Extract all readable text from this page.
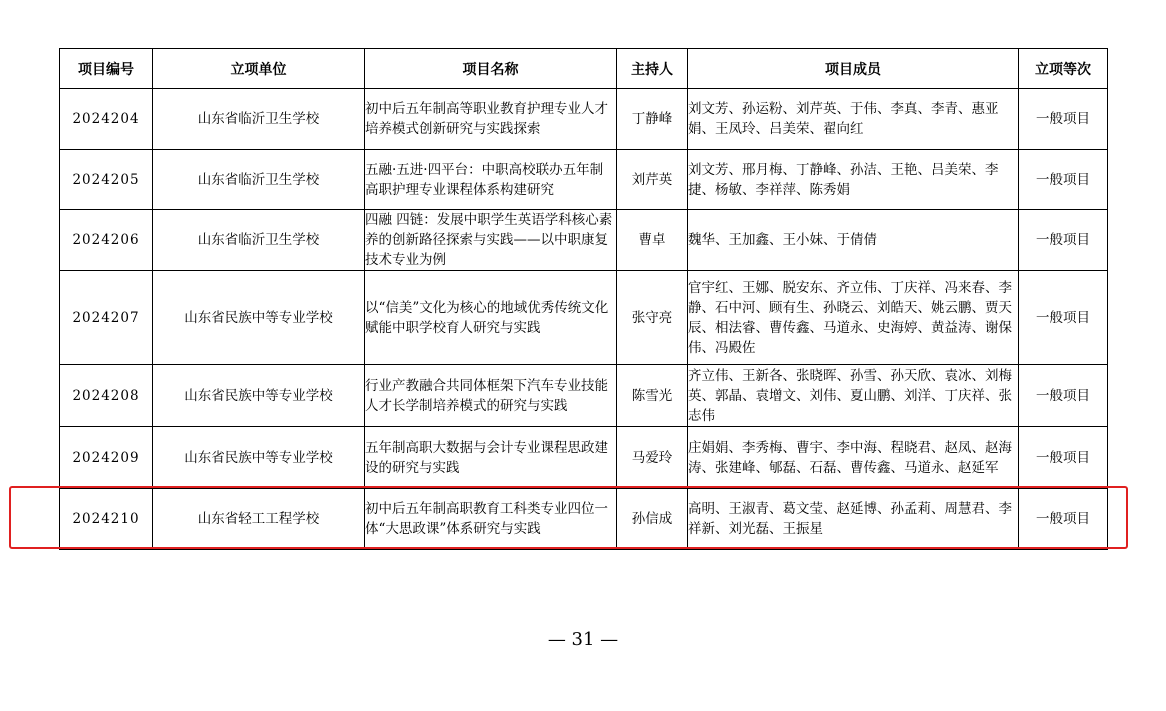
项目编号	立项单位	项目名称	主持人	项目成员	立项等次
2024204	山东省临沂卫生学校	初中后五年制高等职业教育护理专业人才培养模式创新研究与实践探索	丁静峰	刘文芳、孙运粉、刘芹英、于伟、李真、李青、惠亚娟、王凤玲、吕美荣、翟向红	一般项目
2024205	山东省临沂卫生学校	五融·五进·四平台：中职高校联办五年制高职护理专业课程体系构建研究	刘芹英	刘文芳、邢月梅、丁静峰、孙洁、王艳、吕美荣、李捷、杨敏、李祥萍、陈秀娟	一般项目
2024206	山东省临沂卫生学校	四融 四链：发展中职学生英语学科核心素养的创新路径探索与实践——以中职康复技术专业为例	曹卓	魏华、王加鑫、王小妹、于倩倩	一般项目
2024207	山东省民族中等专业学校	以“信美”文化为核心的地域优秀传统文化赋能中职学校育人研究与实践	张守亮	官宇红、王娜、脱安东、齐立伟、丁庆祥、冯来春、李静、石中河、顾有生、孙晓云、刘皓天、姚云鹏、贾天辰、相法睿、曹传鑫、马道永、史海婷、黄益涛、谢保伟、冯殿佐	一般项目
2024208	山东省民族中等专业学校	行业产教融合共同体框架下汽车专业技能人才长学制培养模式的研究与实践	陈雪光	齐立伟、王新各、张晓晖、孙雪、孙天欣、袁冰、刘梅英、郭晶、袁增文、刘伟、夏山鹏、刘洋、丁庆祥、张志伟	一般项目
2024209	山东省民族中等专业学校	五年制高职大数据与会计专业课程思政建设的研究与实践	马爱玲	庄娟娟、李秀梅、曹宇、李中海、程晓君、赵凤、赵海涛、张建峰、郇磊、石磊、曹传鑫、马道永、赵延军	一般项目
2024210	山东省轻工工程学校	初中后五年制高职教育工科类专业四位一体“大思政课”体系研究与实践	孙信成	高明、王淑青、葛文莹、赵延博、孙孟莉、周慧君、李祥新、刘光磊、王振星	一般项目
— 31 —
